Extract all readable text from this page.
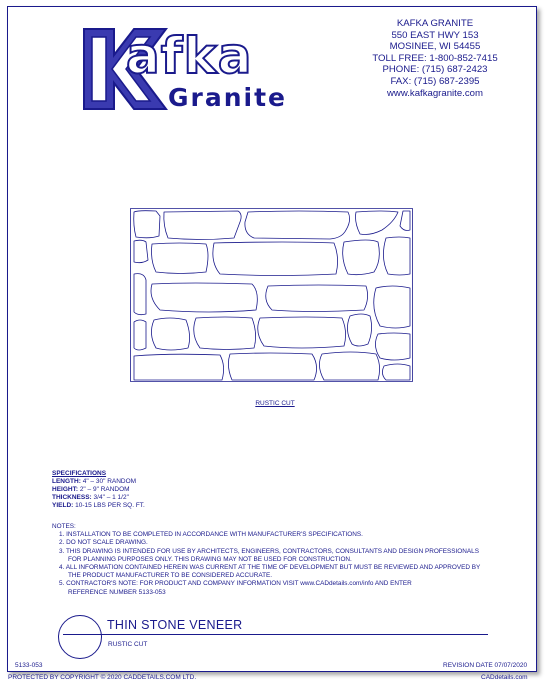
afka
Granite
KAFKA GRANITE
550 EAST HWY 153
MOSINEE, WI 54455
TOLL FREE: 1-800-852-7415
PHONE: (715) 687-2423
FAX: (715) 687-2395
www.kafkagranite.com
RUSTIC CUT
SPECIFICATIONS
LENGTH: 4" – 30" RANDOM
HEIGHT: 2" – 9" RANDOM
THICKNESS: 3/4" – 1 1/2"
YIELD: 10-15 LBS PER SQ. FT.
NOTES:
1. INSTALLATION TO BE COMPLETED IN ACCORDANCE WITH MANUFACTURER'S SPECIFICATIONS.
2. DO NOT SCALE DRAWING.
3. THIS DRAWING IS INTENDED FOR USE BY ARCHITECTS, ENGINEERS, CONTRACTORS, CONSULTANTS AND DESIGN PROFESSIONALS
FOR PLANNING PURPOSES ONLY. THIS DRAWING MAY NOT BE USED FOR CONSTRUCTION.
4. ALL INFORMATION CONTAINED HEREIN WAS CURRENT AT THE TIME OF DEVELOPMENT BUT MUST BE REVIEWED AND APPROVED BY
THE PRODUCT MANUFACTURER TO BE CONSIDERED ACCURATE.
5. CONTRACTOR'S NOTE: FOR PRODUCT AND COMPANY INFORMATION VISIT www.CADdetails.com/info AND ENTER
REFERENCE NUMBER 5133-053
THIN STONE VENEER
RUSTIC CUT
5133-053	REVISION DATE 07/07/2020
PROTECTED BY COPYRIGHT © 2020 CADDETAILS.COM LTD.	CADdetails.com
